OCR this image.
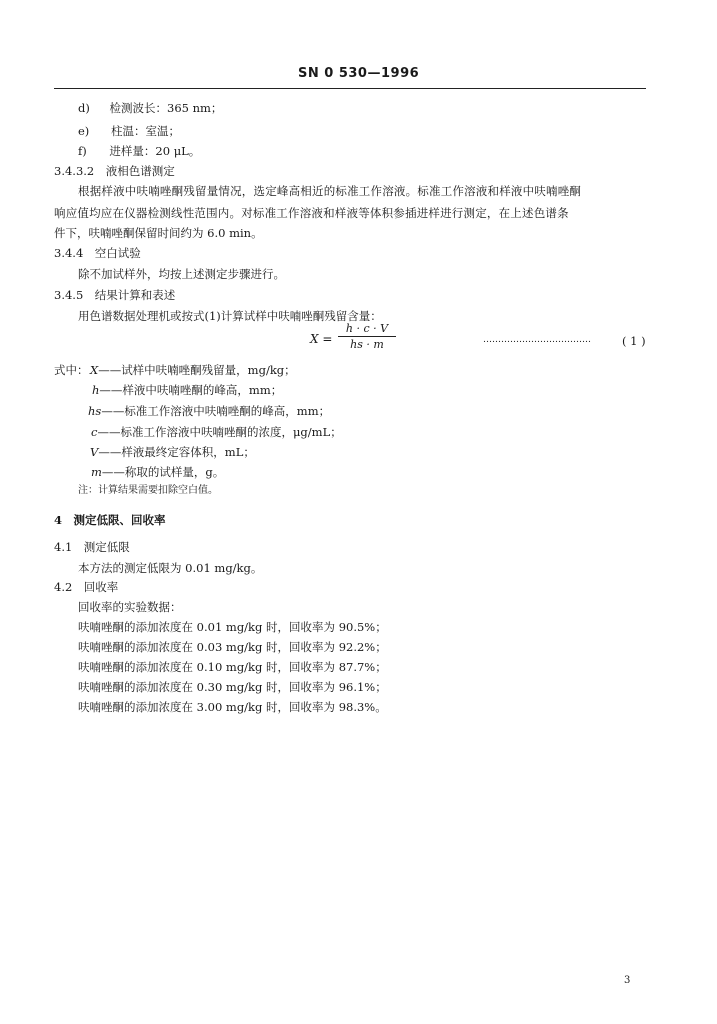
SN 0 530—1996
d) 检测波长：365 nm；
e) 柱温：室温；
f) 进样量：20 μL。
3.4.3.2　液相色谱测定
根据样液中呋喃唑酮残留量情况，选定峰高相近的标准工作溶液。标准工作溶液和样液中呋喃唑酮
响应值均应在仪器检测线性范围内。对标准工作溶液和样液等体积参插进样进行测定，在上述色谱条
件下，呋喃唑酮保留时间约为 6.0 min。
3.4.4　空白试验
除不加试样外，均按上述测定步骤进行。
3.4.5　结果计算和表述
用色谱数据处理机或按式(1)计算试样中呋喃唑酮残留含量：
X =
h · c · V
hs · m	………………………………	( 1 )
式中： X——试样中呋喃唑酮残留量，mg/kg；
h——样液中呋喃唑酮的峰高，mm；
hs——标准工作溶液中呋喃唑酮的峰高，mm；
c——标准工作溶液中呋喃唑酮的浓度，μg/mL；
V——样液最终定容体积，mL；
m——称取的试样量，g。
注：计算结果需要扣除空白值。
4　测定低限、回收率
4.1　测定低限
本方法的测定低限为 0.01 mg/kg。
4.2　回收率
回收率的实验数据：
呋喃唑酮的添加浓度在 0.01 mg/kg 时，回收率为 90.5%；
呋喃唑酮的添加浓度在 0.03 mg/kg 时，回收率为 92.2%；
呋喃唑酮的添加浓度在 0.10 mg/kg 时，回收率为 87.7%；
呋喃唑酮的添加浓度在 0.30 mg/kg 时，回收率为 96.1%；
呋喃唑酮的添加浓度在 3.00 mg/kg 时，回收率为 98.3%。
3
